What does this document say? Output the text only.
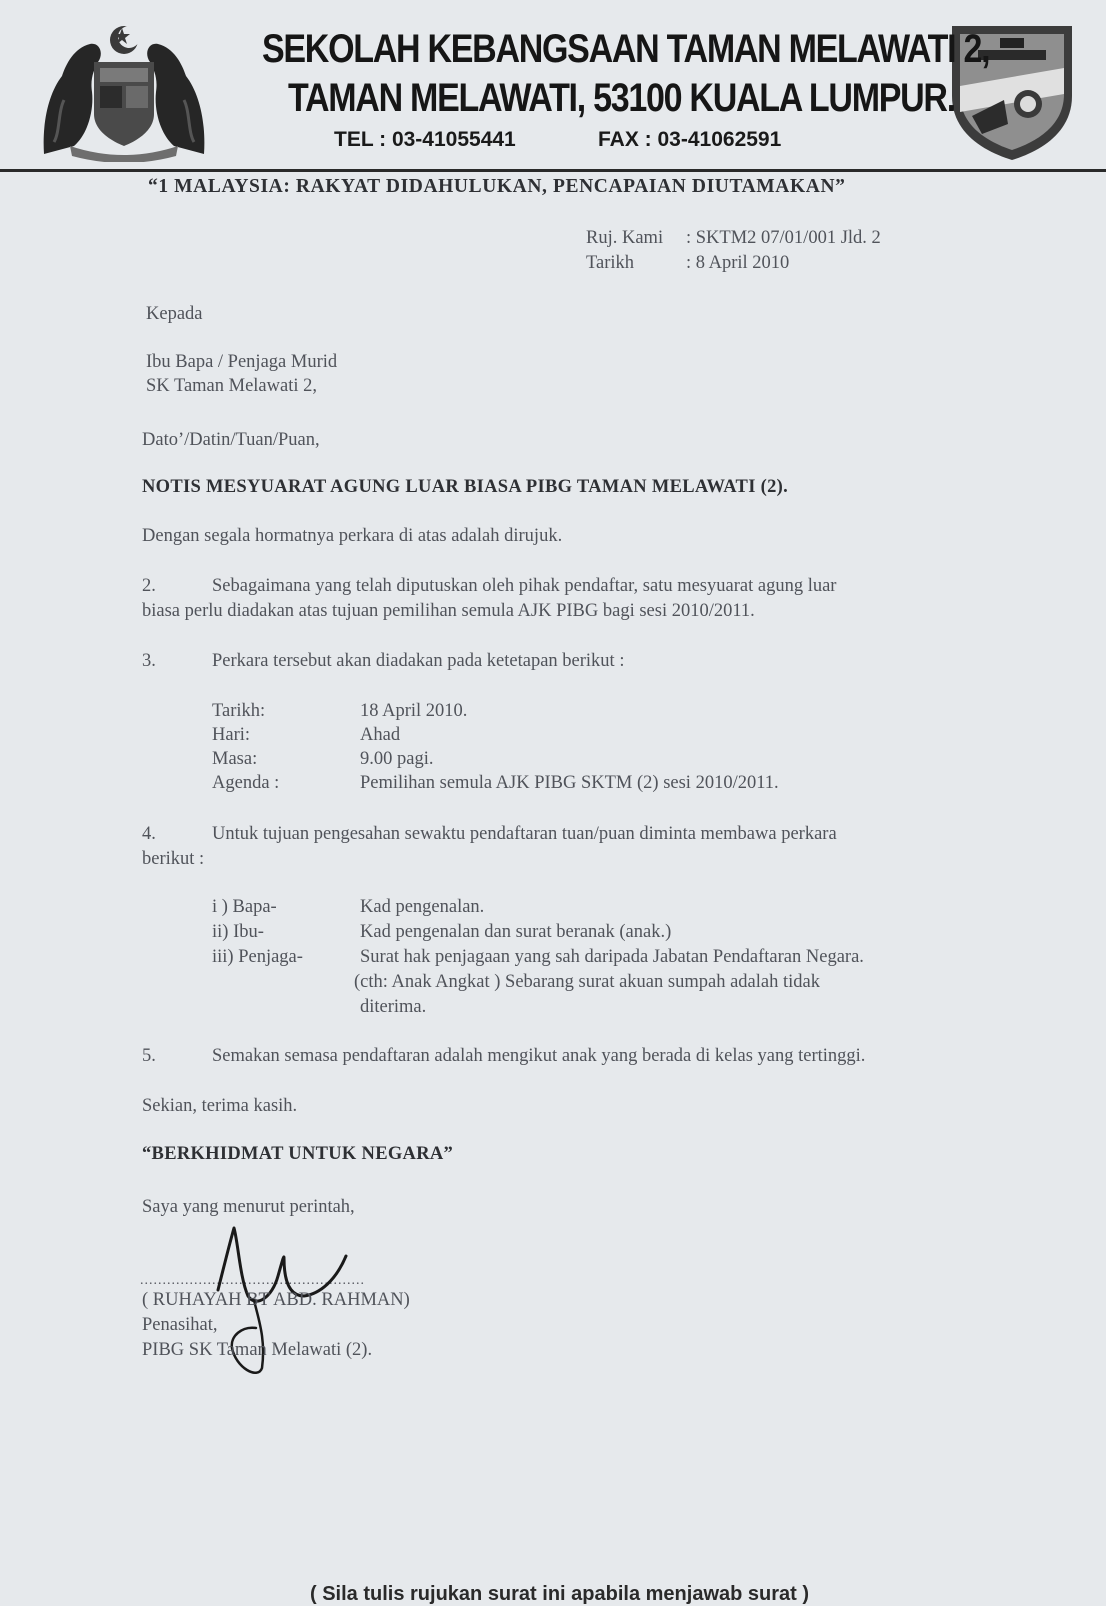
SEKOLAH KEBANGSAAN TAMAN MELAWATI 2,
TAMAN MELAWATI, 53100 KUALA LUMPUR.
TEL : 03-41055441	FAX : 03-41062591
“1 MALAYSIA: RAKYAT DIDAHULUKAN, PENCAPAIAN DIUTAMAKAN”
Ruj. Kami : SKTM2 07/01/001 Jld. 2
Tarikh	: 8 April 2010
Kepada
Ibu Bapa / Penjaga Murid
SK Taman Melawati 2,
Dato’/Datin/Tuan/Puan,
NOTIS MESYUARAT AGUNG LUAR BIASA PIBG TAMAN MELAWATI (2).
Dengan segala hormatnya perkara di atas adalah dirujuk.
2.	Sebagaimana yang telah diputuskan oleh pihak pendaftar, satu mesyuarat agung luar
biasa perlu diadakan atas tujuan pemilihan semula AJK PIBG bagi sesi 2010/2011.
3.	Perkara tersebut akan diadakan pada ketetapan berikut :
Tarikh:	18 April 2010.
Hari:	Ahad
Masa:	9.00 pagi.
Agenda :	Pemilihan semula AJK PIBG SKTM (2) sesi 2010/2011.
4.	Untuk tujuan pengesahan sewaktu pendaftaran tuan/puan diminta membawa perkara
berikut :
i ) Bapa-	Kad pengenalan.
ii) Ibu-	Kad pengenalan dan surat beranak (anak.)
iii) Penjaga-	Surat hak penjagaan yang sah daripada Jabatan Pendaftaran Negara.
(cth: Anak Angkat ) Sebarang surat akuan sumpah adalah tidak
diterima.
5.	Semakan semasa pendaftaran adalah mengikut anak yang berada di kelas yang tertinggi.
Sekian, terima kasih.
“BERKHIDMAT UNTUK NEGARA”
Saya yang menurut perintah,
..................................................
( RUHAYAH BT ABD. RAHMAN)
Penasihat,
PIBG SK Taman Melawati (2).
( Sila tulis rujukan surat ini apabila menjawab surat )
